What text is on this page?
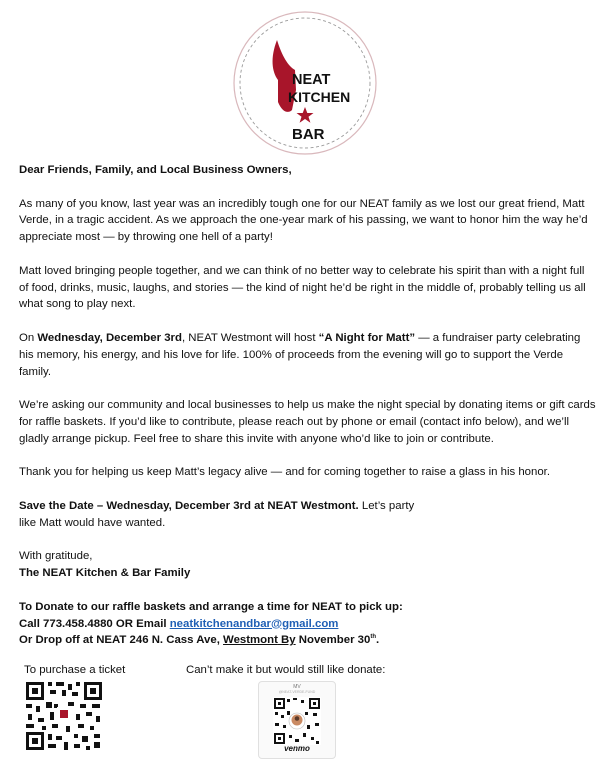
NEAT
KITCHEN
BAR

Dear Friends, Family, and Local Business Owners,

As many of you know, last year was an incredibly tough one for our NEAT family as we lost our great friend, Matt Verde, in a tragic accident. As we approach the one-year mark of his passing, we want to honor him the way he’d appreciate most — by throwing one hell of a party!

Matt loved bringing people together, and we can think of no better way to celebrate his spirit than with a night full of food, drinks, music, laughs, and stories — the kind of night he’d be right in the middle of, probably telling us all what song to play next.

On Wednesday, December 3rd, NEAT Westmont will host “A Night for Matt” — a fundraiser party celebrating his memory, his energy, and his love for life. 100% of proceeds from the evening will go to support the Verde family.

We’re asking our community and local businesses to help us make the night special by donating items or gift cards for raffle baskets. If you’d like to contribute, please reach out by phone or email (contact info below), and we’ll gladly arrange pickup. Feel free to share this invite with anyone who’d like to join or contribute.

Thank you for helping us keep Matt’s legacy alive — and for coming together to raise a glass in his honor.

Save the Date – Wednesday, December 3rd at NEAT Westmont. Let’s party
like Matt would have wanted.

With gratitude,

The NEAT Kitchen & Bar Family

To Donate to our raffle baskets and arrange a time for NEAT to pick up:

Call 773.458.4880 OR Email neatkitchenandbar@gmail.com

Or Drop off at NEAT 246 N. Cass Ave, Westmont By November 30th.

To purchase a ticket	Can’t make it but would still like donate:
MV
@NEAT-VERDE-FUND
venmo
